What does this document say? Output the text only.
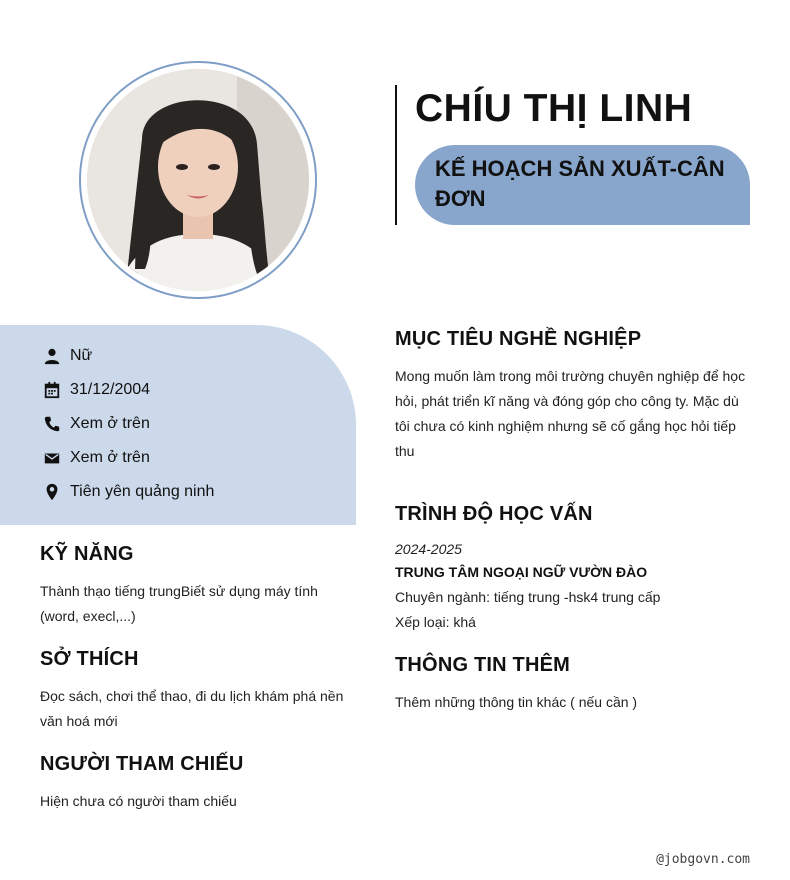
CHÍU THỊ LINH
KẾ HOẠCH SẢN XUẤT-CÂN ĐƠN
Nữ
31/12/2004
Xem ở trên
Xem ở trên
Tiên yên quảng ninh
KỸ NĂNG
Thành thạo tiếng trungBiết sử dụng máy tính (word, execl,...)
SỞ THÍCH
Đọc sách, chơi thể thao, đi du lịch khám phá nền văn hoá mới
NGƯỜI THAM CHIẾU
Hiện chưa có người tham chiếu
MỤC TIÊU NGHỀ NGHIỆP
Mong muốn làm trong môi trường chuyên nghiệp để học hỏi, phát triển kĩ năng và đóng góp cho công ty. Mặc dù tôi chưa có kinh nghiệm nhưng sẽ cố gắng học hỏi tiếp thu
TRÌNH ĐỘ HỌC VẤN
2024-2025
TRUNG TÂM NGOẠI NGỮ VƯỜN ĐÀO
Chuyên ngành: tiếng trung -hsk4 trung cấp
Xếp loại: khá
THÔNG TIN THÊM
Thêm những thông tin khác ( nếu cần )
@jobgovn.com
